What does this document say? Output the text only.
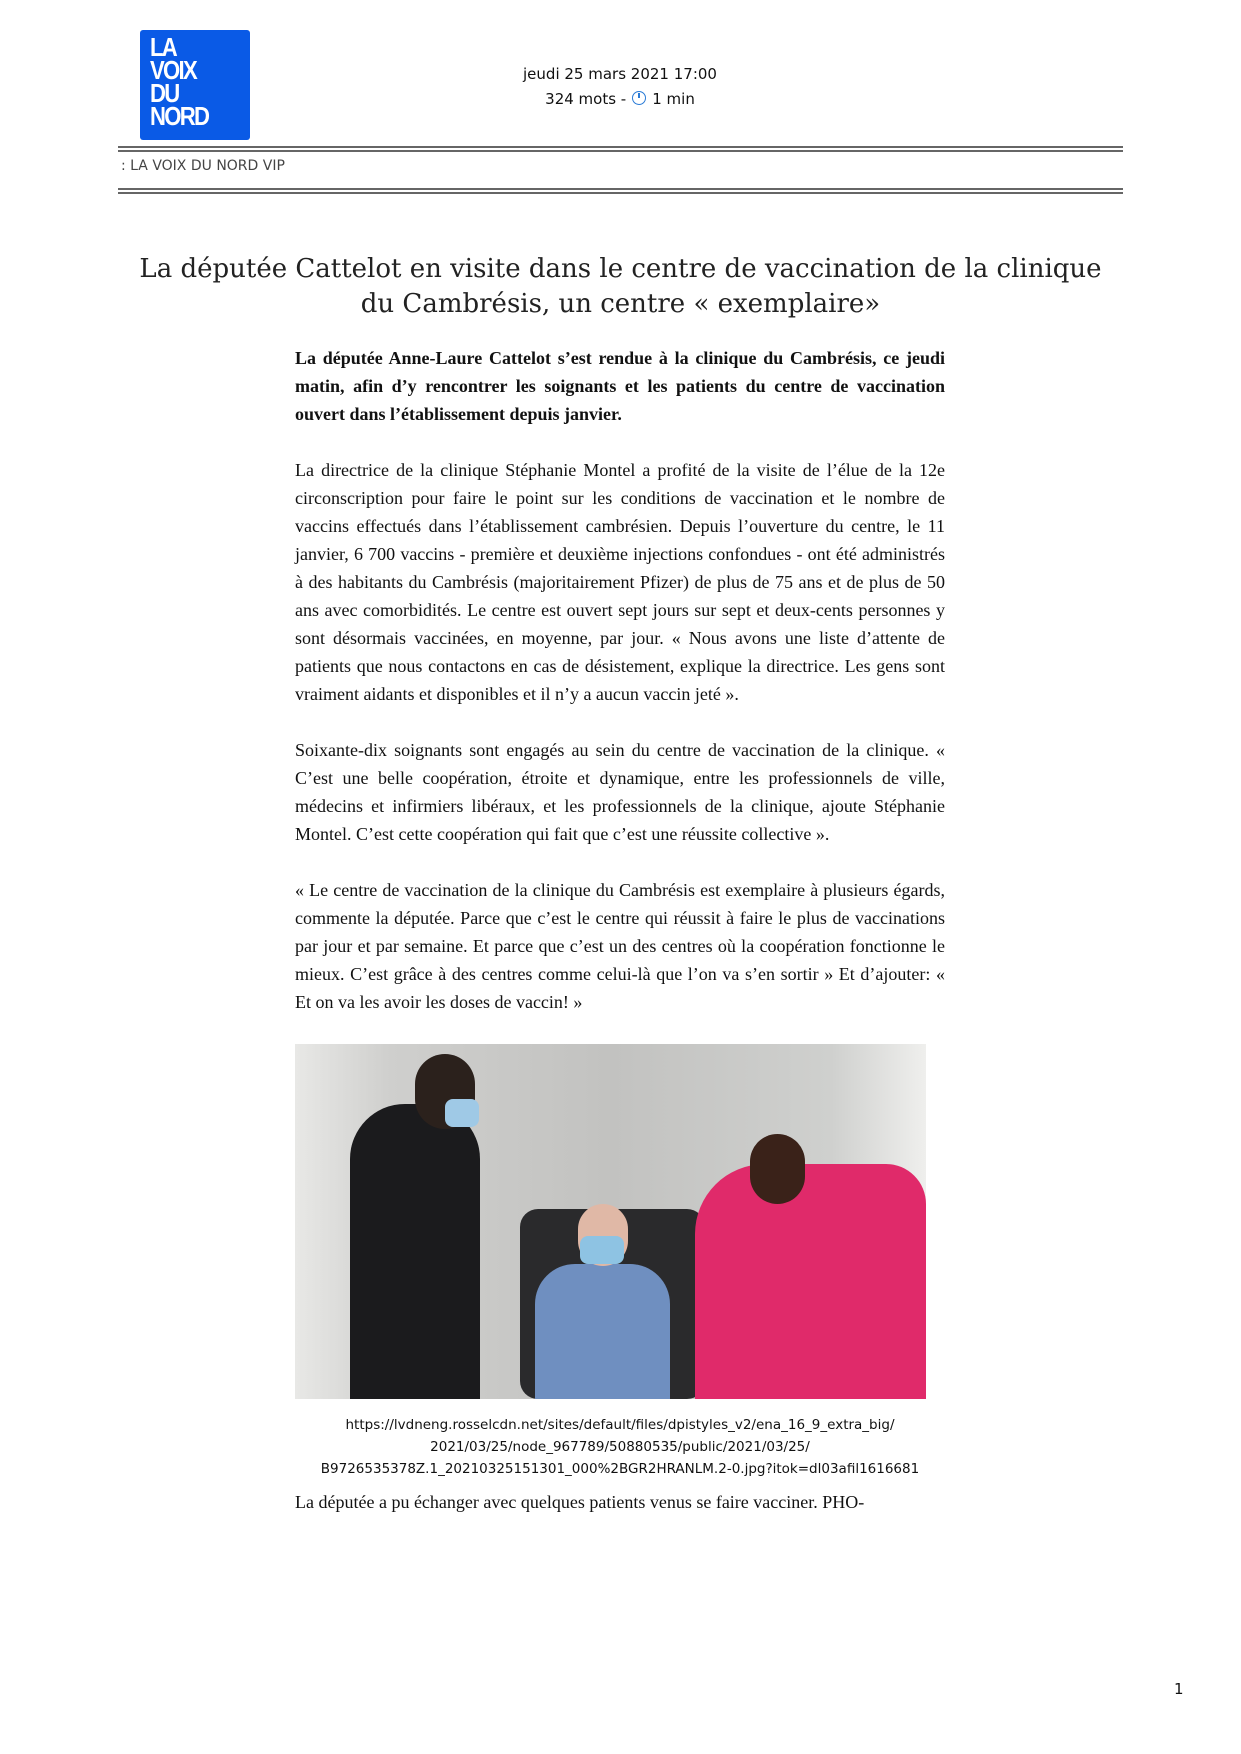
LA
VOIX
DU
NORD
jeudi 25 mars 2021 17:00
324 mots - 1 min
: LA VOIX DU NORD VIP
La députée Cattelot en visite dans le centre de vaccination de la clinique du Cambrésis, un centre « exemplaire»

La députée Anne-Laure Cattelot s’est rendue à la clinique du Cambrésis, ce jeudi matin, afin d’y rencontrer les soignants et les patients du centre de vaccination ouvert dans l’établissement depuis janvier.

La directrice de la clinique Stéphanie Montel a profité de la visite de l’élue de la 12e circonscription pour faire le point sur les conditions de vaccination et le nombre de vaccins effectués dans l’établissement cambrésien. Depuis l’ouverture du centre, le 11 janvier, 6 700 vaccins - première et deuxième injections confondues - ont été administrés à des habitants du Cambrésis (majoritairement Pfizer) de plus de 75 ans et de plus de 50 ans avec comorbidités. Le centre est ouvert sept jours sur sept et deux-cents personnes y sont désormais vaccinées, en moyenne, par jour. « Nous avons une liste d’attente de patients que nous contactons en cas de désistement, explique la directrice. Les gens sont vraiment aidants et disponibles et il n’y a aucun vaccin jeté ».

Soixante-dix soignants sont engagés au sein du centre de vaccination de la clinique. « C’est une belle coopération, étroite et dynamique, entre les professionnels de ville, médecins et infirmiers libéraux, et les professionnels de la clinique, ajoute Stéphanie Montel. C’est cette coopération qui fait que c’est une réussite collective ».

« Le centre de vaccination de la clinique du Cambrésis est exemplaire à plusieurs égards, commente la députée. Parce que c’est le centre qui réussit à faire le plus de vaccinations par jour et par semaine. Et parce que c’est un des centres où la coopération fonctionne le mieux. C’est grâce à des centres comme celui-là que l’on va s’en sortir » Et d’ajouter: « Et on va les avoir les doses de vaccin! »

https://lvdneng.rosselcdn.net/sites/default/files/dpistyles_v2/ena_16_9_extra_big/
2021/03/25/node_967789/50880535/public/2021/03/25/
B9726535378Z.1_20210325151301_000%2BGR2HRANLM.2-0.jpg?itok=dl03afil1616681
La députée a pu échanger avec quelques patients venus se faire vacciner. PHO-
1
